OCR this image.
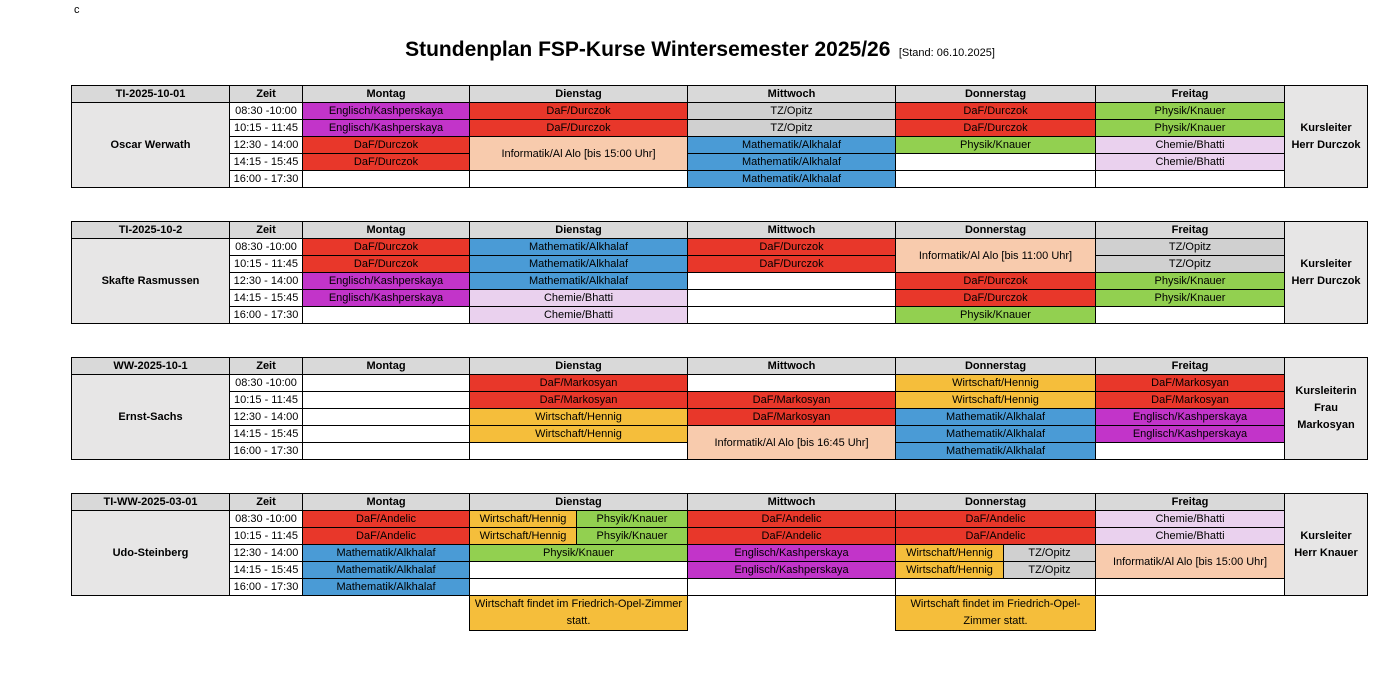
c
Stundenplan FSP-Kurse Wintersemester 2025/26 [Stand: 06.10.2025]
TI-2025-10-01	Zeit	Montag	Dienstag	Mittwoch	Donnerstag	Freitag	Kursleiter
Herr Durczok
Oscar Werwath	08:30 -10:00	Englisch/Kashperskaya	DaF/Durczok	TZ/Opitz	DaF/Durczok	Physik/Knauer	
	10:15 - 11:45	Englisch/Kashperskaya	DaF/Durczok	TZ/Opitz	DaF/Durczok	Physik/Knauer	
	12:30 - 14:00	DaF/Durczok	Informatik/Al Alo [bis 15:00 Uhr]	Mathematik/Alkhalaf	Physik/Knauer	Chemie/Bhatti	
	14:15 - 15:45	DaF/Durczok		Mathematik/Alkhalaf		Chemie/Bhatti	
	16:00 - 17:30			Mathematik/Alkhalaf			
TI-2025-10-2	Zeit	Montag	Dienstag	Mittwoch	Donnerstag	Freitag	Kursleiter
Herr Durczok
Skafte Rasmussen	08:30 -10:00	DaF/Durczok	Mathematik/Alkhalaf	DaF/Durczok	Informatik/Al Alo [bis 11:00 Uhr]	TZ/Opitz	
	10:15 - 11:45	DaF/Durczok	Mathematik/Alkhalaf	DaF/Durczok		TZ/Opitz	
	12:30 - 14:00	Englisch/Kashperskaya	Mathematik/Alkhalaf		DaF/Durczok	Physik/Knauer	
	14:15 - 15:45	Englisch/Kashperskaya	Chemie/Bhatti		DaF/Durczok	Physik/Knauer	
	16:00 - 17:30		Chemie/Bhatti		Physik/Knauer		
WW-2025-10-1	Zeit	Montag	Dienstag	Mittwoch	Donnerstag	Freitag	Kursleiterin
Frau
Markosyan
Ernst-Sachs	08:30 -10:00		DaF/Markosyan		Wirtschaft/Hennig	DaF/Markosyan	
	10:15 - 11:45		DaF/Markosyan	DaF/Markosyan	Wirtschaft/Hennig	DaF/Markosyan	
	12:30 - 14:00		Wirtschaft/Hennig	DaF/Markosyan	Mathematik/Alkhalaf	Englisch/Kashperskaya	
	14:15 - 15:45		Wirtschaft/Hennig	Informatik/Al Alo [bis 16:45 Uhr]	Mathematik/Alkhalaf	Englisch/Kashperskaya	
	16:00 - 17:30				Mathematik/Alkhalaf		
TI-WW-2025-03-01	Zeit	Montag	Dienstag		Mittwoch	Donnerstag		Freitag	Kursleiter
Herr Knauer
Udo-Steinberg	08:30 -10:00	DaF/Andelic	Wirtschaft/Hennig	Phsyik/Knauer	DaF/Andelic	DaF/Andelic		Chemie/Bhatti	
	10:15 - 11:45	DaF/Andelic	Wirtschaft/Hennig	Phsyik/Knauer	DaF/Andelic	DaF/Andelic		Chemie/Bhatti	
	12:30 - 14:00	Mathematik/Alkhalaf	Physik/Knauer		Englisch/Kashperskaya	Wirtschaft/Hennig	TZ/Opitz	Informatik/Al Alo [bis 15:00 Uhr]	
	14:15 - 15:45	Mathematik/Alkhalaf			Englisch/Kashperskaya	Wirtschaft/Hennig	TZ/Opitz		
	16:00 - 17:30	Mathematik/Alkhalaf							
			Wirtschaft findet im Friedrich-Opel-Zimmer statt.			Wirtschaft findet im Friedrich-Opel-Zimmer statt.			
